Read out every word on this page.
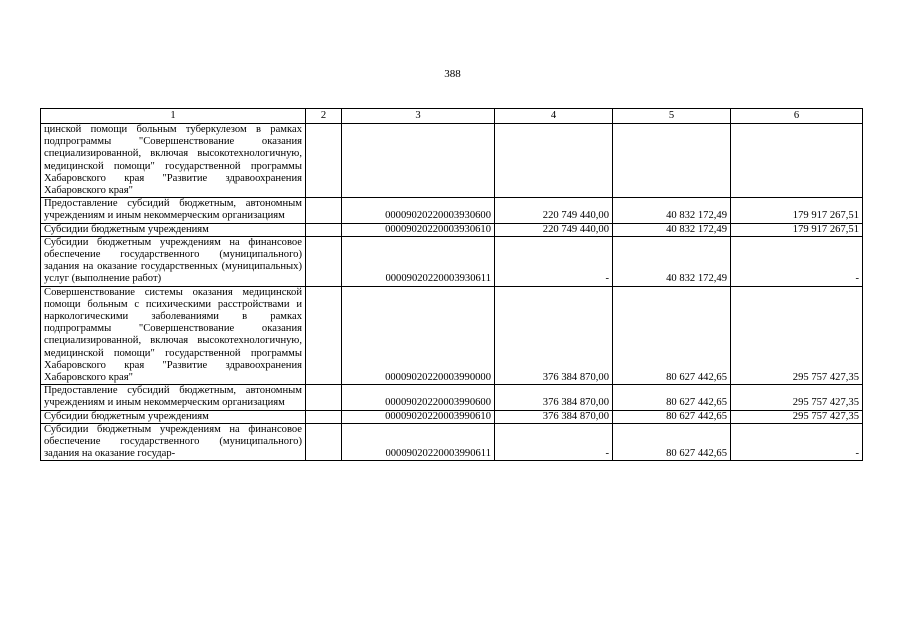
388
1	2	3	4	5	6
цинской помощи больным туберкулезом в рамках подпрограммы "Совершенствование оказания специализированной, включая высокотехнологичную, медицинской помощи" государственной программы Хабаровского края "Развитие здравоохранения Хабаровского края"					
Предоставление субсидий бюджетным, автономным учреждениям и иным некоммерческим организациям		00009020220003930600	220 749 440,00	40 832 172,49	179 917 267,51
Субсидии бюджетным учреждениям		00009020220003930610	220 749 440,00	40 832 172,49	179 917 267,51
Субсидии бюджетным учреждениям на финансовое обеспечение государственного (муниципального) задания на оказание государственных (муниципальных) услуг (выполнение работ)		00009020220003930611	-	40 832 172,49	-
Совершенствование системы оказания медицинской помощи больным с психическими расстройствами и наркологическими заболеваниями в рамках подпрограммы "Совершенствование оказания специализированной, включая высокотехнологичную, медицинской помощи" государственной программы Хабаровского края "Развитие здравоохранения Хабаровского края"		00009020220003990000	376 384 870,00	80 627 442,65	295 757 427,35
Предоставление субсидий бюджетным, автономным учреждениям и иным некоммерческим организациям		00009020220003990600	376 384 870,00	80 627 442,65	295 757 427,35
Субсидии бюджетным учреждениям		00009020220003990610	376 384 870,00	80 627 442,65	295 757 427,35
Субсидии бюджетным учреждениям на финансовое обеспечение государственного (муниципального) задания на оказание государ-		00009020220003990611	-	80 627 442,65	-
